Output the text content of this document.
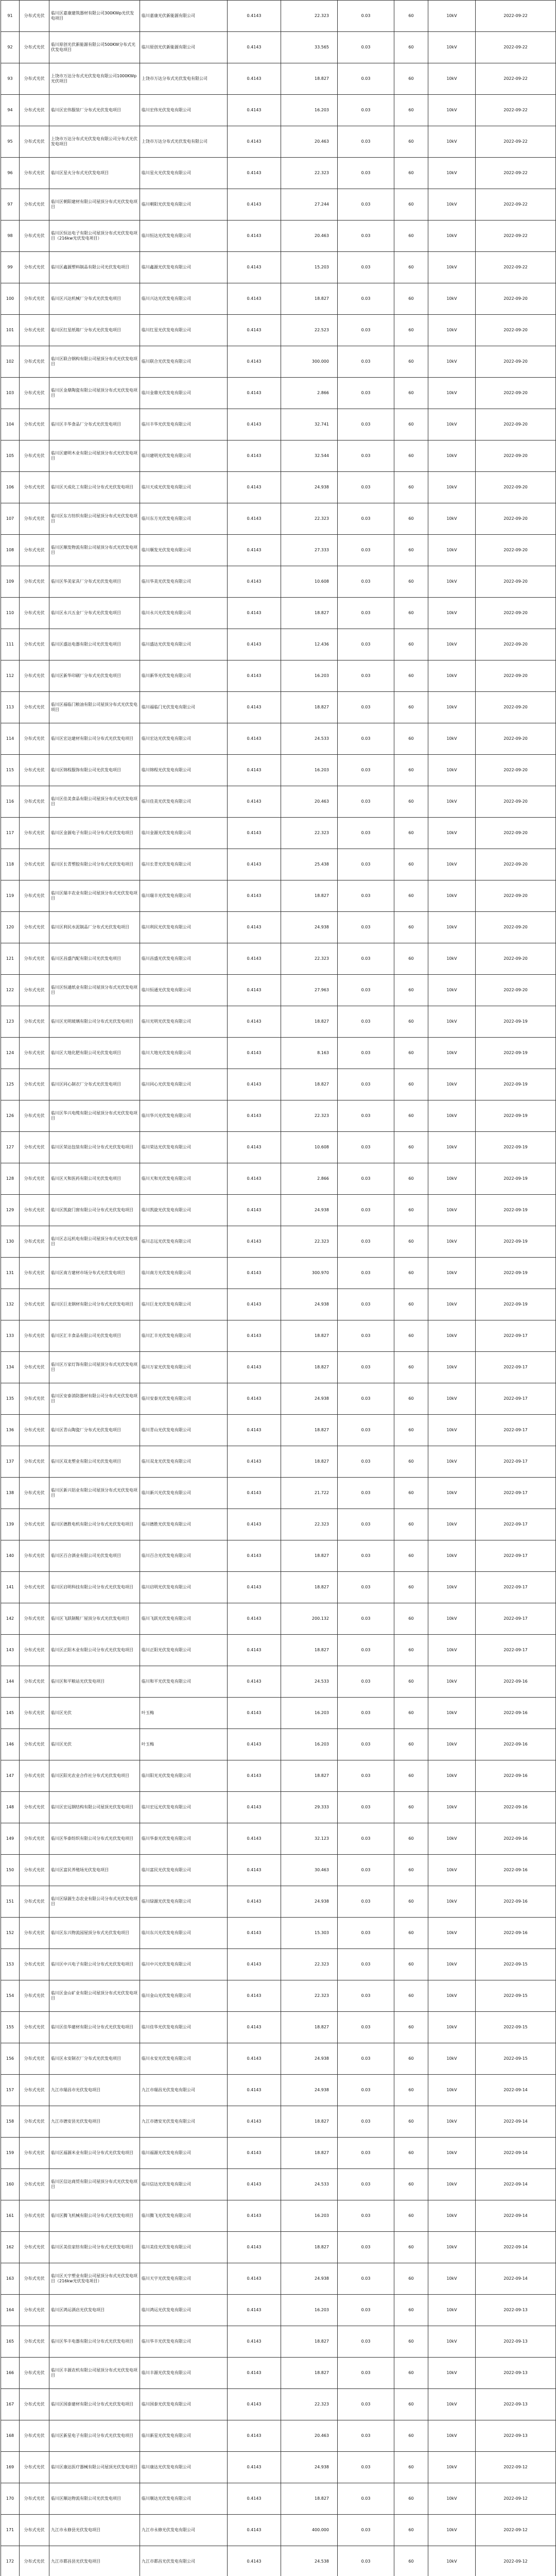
91	分布式光伏	临川区嘉康建筑器材有限公司300KWp光伏发电项目	临川嘉康光伏新能源有限公司	0.4143	22.323	0.03	60	10kV	2022-09-22
92	分布式光伏	临川原创光伏新能源有限公司500KW分布式光伏发电项目	临川原创光伏新能源有限公司	0.4143	33.565	0.03	60	10kV	2022-09-22
93	分布式光伏	上饶市万达分布式光伏发电有限公司1000KWp光伏项目	上饶市万达分布式光伏发电有限公司	0.4143	18.827	0.03	60	10kV	2022-09-22
94	分布式光伏	临川区宏伟服装厂分布式光伏发电项目	临川宏伟光伏发电有限公司	0.4143	16.203	0.03	60	10kV	2022-09-22
95	分布式光伏	上饶市万达分布式光伏发电有限公司分布式光伏发电项目	上饶市万达分布式光伏发电有限公司	0.4143	20.463	0.03	60	10kV	2022-09-22
96	分布式光伏	临川区星火分布式光伏发电项目	临川星火光伏发电有限公司	0.4143	22.323	0.03	60	10kV	2022-09-22
97	分布式光伏	临川区朝阳建材有限公司屋顶分布式光伏发电项目	临川朝阳光伏发电有限公司	0.4143	27.244	0.03	60	10kV	2022-09-22
98	分布式光伏	临川区恒达电子有限公司屋顶分布式光伏发电项目（216kw光伏发电项目）	临川恒达光伏发电有限公司	0.4143	20.463	0.03	60	10kV	2022-09-22
99	分布式光伏	临川区鑫源塑料制品有限公司光伏发电项目	临川鑫源光伏发电有限公司	0.4143	15.203	0.03	60	10kV	2022-09-22
100	分布式光伏	临川区兴达机械厂分布式光伏发电项目	临川兴达光伏发电有限公司	0.4143	18.827	0.03	60	10kV	2022-09-20
101	分布式光伏	临川区红星纸箱厂分布式光伏发电项目	临川红星光伏发电有限公司	0.4143	22.523	0.03	60	10kV	2022-09-20
102	分布式光伏	临川区联合钢构有限公司屋顶分布式光伏发电项目	临川联合光伏发电有限公司	0.4143	300.000	0.03	60	10kV	2022-09-20
103	分布式光伏	临川区金鼎陶瓷有限公司屋顶分布式光伏发电项目	临川金鼎光伏发电有限公司	0.4143	2.866	0.03	60	10kV	2022-09-20
104	分布式光伏	临川区丰华食品厂分布式光伏发电项目	临川丰华光伏发电有限公司	0.4143	32.741	0.03	60	10kV	2022-09-20
105	分布式光伏	临川区建明木业有限公司屋顶分布式光伏发电项目	临川建明光伏发电有限公司	0.4143	32.544	0.03	60	10kV	2022-09-20
106	分布式光伏	临川区天成化工有限公司分布式光伏发电项目	临川天成光伏发电有限公司	0.4143	24.938	0.03	60	10kV	2022-09-20
107	分布式光伏	临川区东方纺织有限公司屋顶分布式光伏发电项目	临川东方光伏发电有限公司	0.4143	22.323	0.03	60	10kV	2022-09-20
108	分布式光伏	临川区顺发物流有限公司屋顶分布式光伏发电项目	临川顺发光伏发电有限公司	0.4143	27.333	0.03	60	10kV	2022-09-20
109	分布式光伏	临川区华美家具厂分布式光伏发电项目	临川华美光伏发电有限公司	0.4143	10.608	0.03	60	10kV	2022-09-20
110	分布式光伏	临川区永兴五金厂分布式光伏发电项目	临川永兴光伏发电有限公司	0.4143	18.827	0.03	60	10kV	2022-09-20
111	分布式光伏	临川区盛达电器有限公司光伏发电项目	临川盛达光伏发电有限公司	0.4143	12.436	0.03	60	10kV	2022-09-20
112	分布式光伏	临川区新华印刷厂分布式光伏发电项目	临川新华光伏发电有限公司	0.4143	16.203	0.03	60	10kV	2022-09-20
113	分布式光伏	临川区福临门粮油有限公司屋顶分布式光伏发电项目	临川福临门光伏发电有限公司	0.4143	18.827	0.03	60	10kV	2022-09-20
114	分布式光伏	临川区宏达建材有限公司分布式光伏发电项目	临川宏达光伏发电有限公司	0.4143	24.533	0.03	60	10kV	2022-09-20
115	分布式光伏	临川区锦程服饰有限公司光伏发电项目	临川锦程光伏发电有限公司	0.4143	16.203	0.03	60	10kV	2022-09-20
116	分布式光伏	临川区佳美食品有限公司屋顶分布式光伏发电项目	临川佳美光伏发电有限公司	0.4143	20.463	0.03	60	10kV	2022-09-20
117	分布式光伏	临川区金源电子有限公司分布式光伏发电项目	临川金源光伏发电有限公司	0.4143	22.323	0.03	60	10kV	2022-09-20
118	分布式光伏	临川区长青塑胶有限公司分布式光伏发电项目	临川长青光伏发电有限公司	0.4143	25.438	0.03	60	10kV	2022-09-20
119	分布式光伏	临川区瑞丰农业有限公司屋顶分布式光伏发电项目	临川瑞丰光伏发电有限公司	0.4143	18.827	0.03	60	10kV	2022-09-20
120	分布式光伏	临川区利民水泥制品厂分布式光伏发电项目	临川利民光伏发电有限公司	0.4143	24.938	0.03	60	10kV	2022-09-20
121	分布式光伏	临川区昌盛汽配有限公司光伏发电项目	临川昌盛光伏发电有限公司	0.4143	22.323	0.03	60	10kV	2022-09-20
122	分布式光伏	临川区恒通纸业有限公司屋顶分布式光伏发电项目	临川恒通光伏发电有限公司	0.4143	27.963	0.03	60	10kV	2022-09-20
123	分布式光伏	临川区光明玻璃有限公司分布式光伏发电项目	临川光明光伏发电有限公司	0.4143	18.827	0.03	60	10kV	2022-09-19
124	分布式光伏	临川区大地化肥有限公司光伏发电项目	临川大地光伏发电有限公司	0.4143	8.163	0.03	60	10kV	2022-09-19
125	分布式光伏	临川区同心制衣厂分布式光伏发电项目	临川同心光伏发电有限公司	0.4143	18.827	0.03	60	10kV	2022-09-19
126	分布式光伏	临川区华兴电缆有限公司屋顶分布式光伏发电项目	临川华兴光伏发电有限公司	0.4143	22.323	0.03	60	10kV	2022-09-19
127	分布式光伏	临川区荣达包装有限公司分布式光伏发电项目	临川荣达光伏发电有限公司	0.4143	10.608	0.03	60	10kV	2022-09-19
128	分布式光伏	临川区天和医药有限公司光伏发电项目	临川天和光伏发电有限公司	0.4143	2.866	0.03	60	10kV	2022-09-19
129	分布式光伏	临川区凯旋门窗有限公司分布式光伏发电项目	临川凯旋光伏发电有限公司	0.4143	24.938	0.03	60	10kV	2022-09-19
130	分布式光伏	临川区志远机电有限公司屋顶分布式光伏发电项目	临川志远光伏发电有限公司	0.4143	22.323	0.03	60	10kV	2022-09-19
131	分布式光伏	临川区南方建材市场分布式光伏发电项目	临川南方光伏发电有限公司	0.4143	300.970	0.03	60	10kV	2022-09-19
132	分布式光伏	临川区巨龙钢材有限公司分布式光伏发电项目	临川巨龙光伏发电有限公司	0.4143	24.938	0.03	60	10kV	2022-09-19
133	分布式光伏	临川区汇丰食品有限公司光伏发电项目	临川汇丰光伏发电有限公司	0.4143	18.827	0.03	60	10kV	2022-09-17
134	分布式光伏	临川区万家灯饰有限公司屋顶分布式光伏发电项目	临川万家光伏发电有限公司	0.4143	18.827	0.03	60	10kV	2022-09-17
135	分布式光伏	临川区安泰消防器材有限公司分布式光伏发电项目	临川安泰光伏发电有限公司	0.4143	24.938	0.03	60	10kV	2022-09-17
136	分布式光伏	临川区青山陶瓷厂分布式光伏发电项目	临川青山光伏发电有限公司	0.4143	18.827	0.03	60	10kV	2022-09-17
137	分布式光伏	临川区双龙塑业有限公司光伏发电项目	临川双龙光伏发电有限公司	0.4143	18.827	0.03	60	10kV	2022-09-17
138	分布式光伏	临川区新兴铝业有限公司屋顶分布式光伏发电项目	临川新兴光伏发电有限公司	0.4143	21.722	0.03	60	10kV	2022-09-17
139	分布式光伏	临川区德胜电机有限公司分布式光伏发电项目	临川德胜光伏发电有限公司	0.4143	22.323	0.03	60	10kV	2022-09-17
140	分布式光伏	临川区百合酒业有限公司光伏发电项目	临川百合光伏发电有限公司	0.4143	18.827	0.03	60	10kV	2022-09-17
141	分布式光伏	临川区启明科技有限公司分布式光伏发电项目	临川启明光伏发电有限公司	0.4143	18.827	0.03	60	10kV	2022-09-17
142	分布式光伏	临川区飞跃制鞋厂屋顶分布式光伏发电项目	临川飞跃光伏发电有限公司	0.4143	200.132	0.03	60	10kV	2022-09-17
143	分布式光伏	临川区正阳木业有限公司分布式光伏发电项目	临川正阳光伏发电有限公司	0.4143	18.827	0.03	60	10kV	2022-09-17
144	分布式光伏	临川区和平粮站光伏发电项目	临川和平光伏发电有限公司	0.4143	24.533	0.03	60	10kV	2022-09-16
145	分布式光伏	临川区光伏	叶玉梅	0.4143	16.203	0.03	60	10kV	2022-09-16
146	分布式光伏	临川区光伏	叶玉梅	0.4143	16.203	0.03	60	10kV	2022-09-16
147	分布式光伏	临川区阳光农业合作社分布式光伏发电项目	临川阳光光伏发电有限公司	0.4143	18.827	0.03	60	10kV	2022-09-16
148	分布式光伏	临川区宏远钢结构有限公司屋顶光伏发电项目	临川宏远光伏发电有限公司	0.4143	29.333	0.03	60	10kV	2022-09-16
149	分布式光伏	临川区华泰纺织有限公司分布式光伏发电项目	临川华泰光伏发电有限公司	0.4143	32.123	0.03	60	10kV	2022-09-16
150	分布式光伏	临川区富民养殖场光伏发电项目	临川富民光伏发电有限公司	0.4143	30.463	0.03	60	10kV	2022-09-16
151	分布式光伏	临川区绿源生态农业有限公司分布式光伏发电项目	临川绿源光伏发电有限公司	0.4143	24.938	0.03	60	10kV	2022-09-16
152	分布式光伏	临川区东兴物流园屋顶分布式光伏发电项目	临川东兴光伏发电有限公司	0.4143	15.303	0.03	60	10kV	2022-09-16
153	分布式光伏	临川区中兴电子有限公司分布式光伏发电项目	临川中兴光伏发电有限公司	0.4143	22.323	0.03	60	10kV	2022-09-15
154	分布式光伏	临川区金山矿业有限公司屋顶分布式光伏发电项目	临川金山光伏发电有限公司	0.4143	22.323	0.03	60	10kV	2022-09-15
155	分布式光伏	临川区佳华建材有限公司分布式光伏发电项目	临川佳华光伏发电有限公司	0.4143	18.827	0.03	60	10kV	2022-09-15
156	分布式光伏	临川区永安制衣厂分布式光伏发电项目	临川永安光伏发电有限公司	0.4143	24.938	0.03	60	10kV	2022-09-15
157	分布式光伏	九江市瑞昌市光伏发电项目	九江市瑞昌光伏发电有限公司	0.4143	24.938	0.03	60	10kV	2022-09-14
158	分布式光伏	九江市德安县光伏发电项目	九江市德安光伏发电有限公司	0.4143	18.827	0.03	60	10kV	2022-09-14
159	分布式光伏	临川区福源米业有限公司分布式光伏发电项目	临川福源光伏发电有限公司	0.4143	18.827	0.03	60	10kV	2022-09-14
160	分布式光伏	临川区信达商贸有限公司屋顶分布式光伏发电项目	临川信达光伏发电有限公司	0.4143	24.533	0.03	60	10kV	2022-09-14
161	分布式光伏	临川区腾飞机械有限公司分布式光伏发电项目	临川腾飞光伏发电有限公司	0.4143	16.203	0.03	60	10kV	2022-09-14
162	分布式光伏	临川区美佳家纺有限公司分布式光伏发电项目	临川美佳光伏发电有限公司	0.4143	18.827	0.03	60	10kV	2022-09-14
163	分布式光伏	临川区天宇塑业有限公司屋顶分布式光伏发电项目（216kw光伏发电项目）	临川天宇光伏发电有限公司	0.4143	24.938	0.03	60	10kV	2022-09-14
164	分布式光伏	临川区鸿运酒店光伏发电项目	临川鸿运光伏发电有限公司	0.4143	16.203	0.03	60	10kV	2022-09-13
165	分布式光伏	临川区华丰电器有限公司分布式光伏发电项目	临川华丰光伏发电有限公司	0.4143	18.827	0.03	60	10kV	2022-09-13
166	分布式光伏	临川区丰源农机有限公司屋顶分布式光伏发电项目	临川丰源光伏发电有限公司	0.4143	18.827	0.03	60	10kV	2022-09-13
167	分布式光伏	临川区国泰建材有限公司分布式光伏发电项目	临川国泰光伏发电有限公司	0.4143	22.323	0.03	60	10kV	2022-09-13
168	分布式光伏	临川区新星电子有限公司分布式光伏发电项目	临川新星光伏发电有限公司	0.4143	20.463	0.03	60	10kV	2022-09-13
169	分布式光伏	临川区康达医疗器械有限公司屋顶光伏发电项目	临川康达光伏发电有限公司	0.4143	24.938	0.03	60	10kV	2022-09-12
170	分布式光伏	临川区顺达物流有限公司光伏发电项目	临川顺达光伏发电有限公司	0.4143	18.827	0.03	60	10kV	2022-09-12
171	分布式光伏	九江市永修县光伏发电项目	九江市永修光伏发电有限公司	0.4143	400.000	0.03	60	10kV	2022-09-12
172	分布式光伏	九江市都昌县光伏发电项目	九江市都昌光伏发电有限公司	0.4143	24.538	0.03	60	10kV	2022-09-12
